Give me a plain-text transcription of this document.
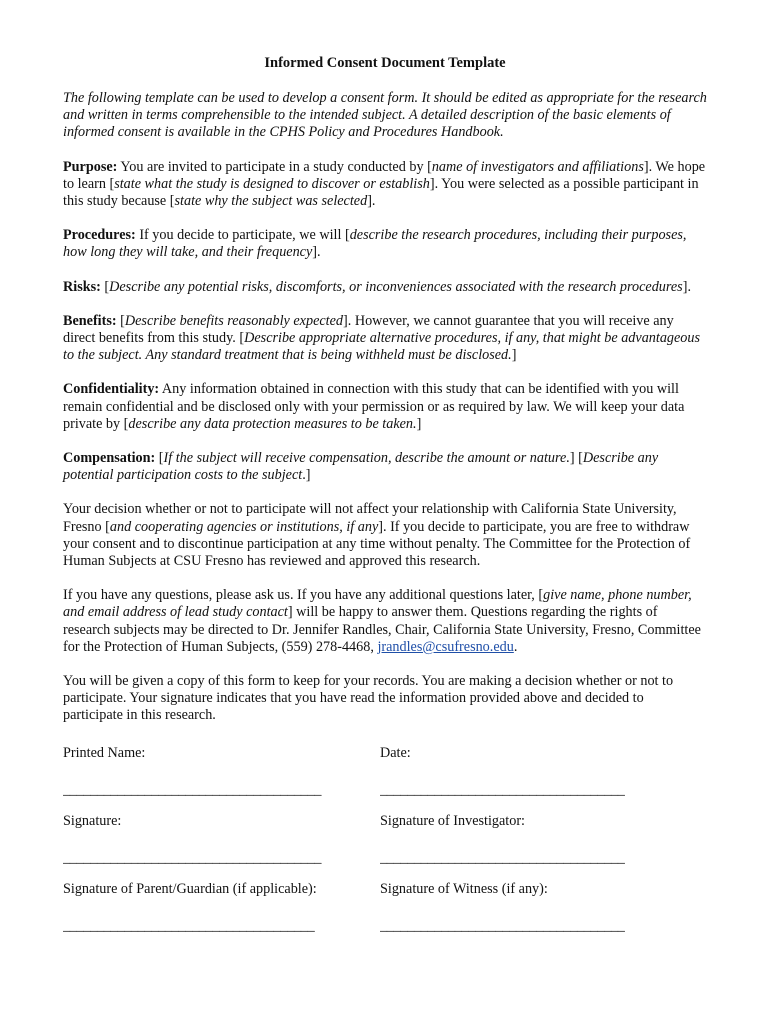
Informed Consent Document Template

The following template can be used to develop a consent form. It should be edited as appropriate for the research and written in terms comprehensible to the intended subject. A detailed description of the basic elements of informed consent is available in the CPHS Policy and Procedures Handbook.

Purpose: You are invited to participate in a study conducted by [name of investigators and affiliations]. We hope to learn [state what the study is designed to discover or establish]. You were selected as a possible participant in this study because [state why the subject was selected].

Procedures: If you decide to participate, we will [describe the research procedures, including their purposes, how long they will take, and their frequency].

Risks: [Describe any potential risks, discomforts, or inconveniences associated with the research procedures].

Benefits: [Describe benefits reasonably expected]. However, we cannot guarantee that you will receive any direct benefits from this study. [Describe appropriate alternative procedures, if any, that might be advantageous to the subject. Any standard treatment that is being withheld must be disclosed.]

Confidentiality: Any information obtained in connection with this study that can be identified with you will remain confidential and be disclosed only with your permission or as required by law. We will keep your data private by [describe any data protection measures to be taken.]

Compensation: [If the subject will receive compensation, describe the amount or nature.] [Describe any potential participation costs to the subject.]

Your decision whether or not to participate will not affect your relationship with California State University, Fresno [and cooperating agencies or institutions, if any]. If you decide to participate, you are free to withdraw your consent and to discontinue participation at any time without penalty. The Committee for the Protection of Human Subjects at CSU Fresno has reviewed and approved this research.

If you have any questions, please ask us. If you have any additional questions later, [give name, phone number, and email address of lead study contact] will be happy to answer them. Questions regarding the rights of research subjects may be directed to Dr. Jennifer Randles, Chair, California State University, Fresno, Committee for the Protection of Human Subjects, (559) 278-4468, jrandles@csufresno.edu.

You will be given a copy of this form to keep for your records. You are making a decision whether or not to participate. Your signature indicates that you have read the information provided above and decided to participate in this research.

Printed Name:
______________________________________
Date:
____________________________________
Signature:
______________________________________
Signature of Investigator:
____________________________________
Signature of Parent/Guardian (if applicable):
_____________________________________
Signature of Witness (if any):
____________________________________
